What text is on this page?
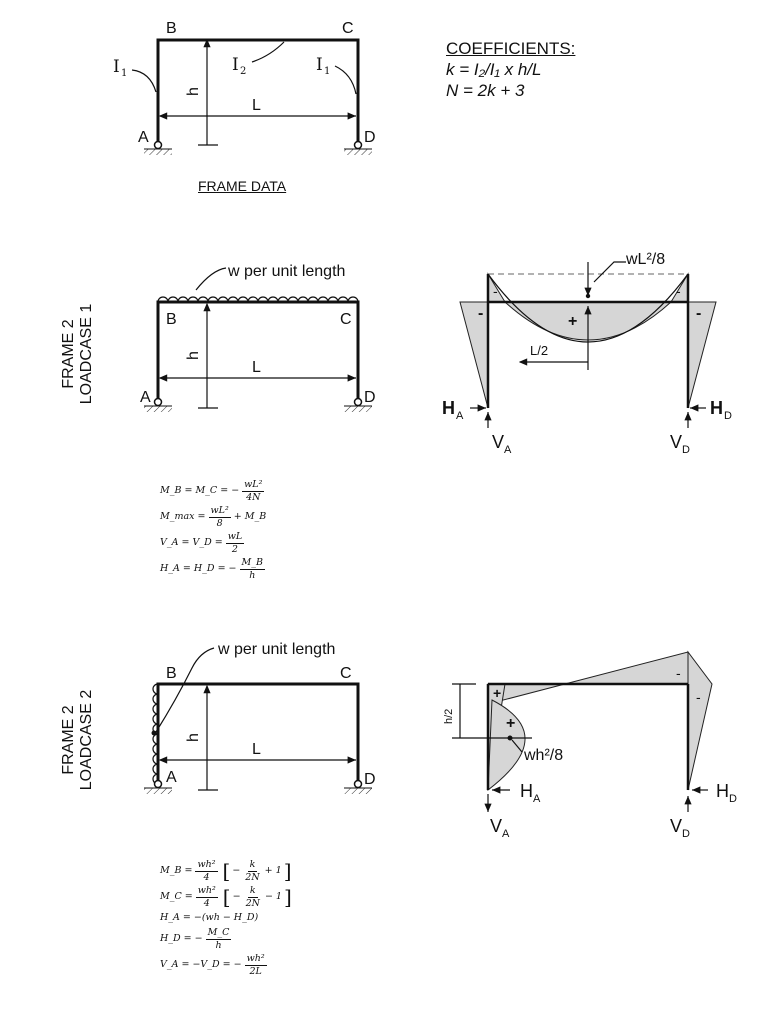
B	C
A	D
h
L
I 1	I 2	I 1
w per unit length
B	C
A	D
h
L
wL²/8
L/2
+
-	-
-	-
H A	H D
V A	V D
w per unit length
B	C
A	D
h
L
h/2
wh²/8
+
+
-
-
H A	H D
V A	V D
COEFFICIENTS:
k = I₂/I₁ x h/L
N = 2k + 3
FRAME DATA
FRAME 2 LOADCASE 1
FRAME 2 LOADCASE 2
M_B = M_C = − $\frac{\text{wL²}}{4N}$
M_max = $\frac{\text{wL²}}{8}$ + M_B
V_A = V_D = $\frac{wL}{2}$
H_A = H_D = − $\frac{M\_B}{h}$
M_B = $\frac{\text{wh²}}{4}$ [ − $\frac{k}{2N} + 1$ ]
M_C = $\frac{\text{wh²}}{4}$ [ − $\frac{k}{2N} - 1$ ]
H_A = −(wh − H_D)
H_D = − $\frac{M\_C}{h}$
V_A = −V_D = − $\frac{\text{wh²}}{2L}$
